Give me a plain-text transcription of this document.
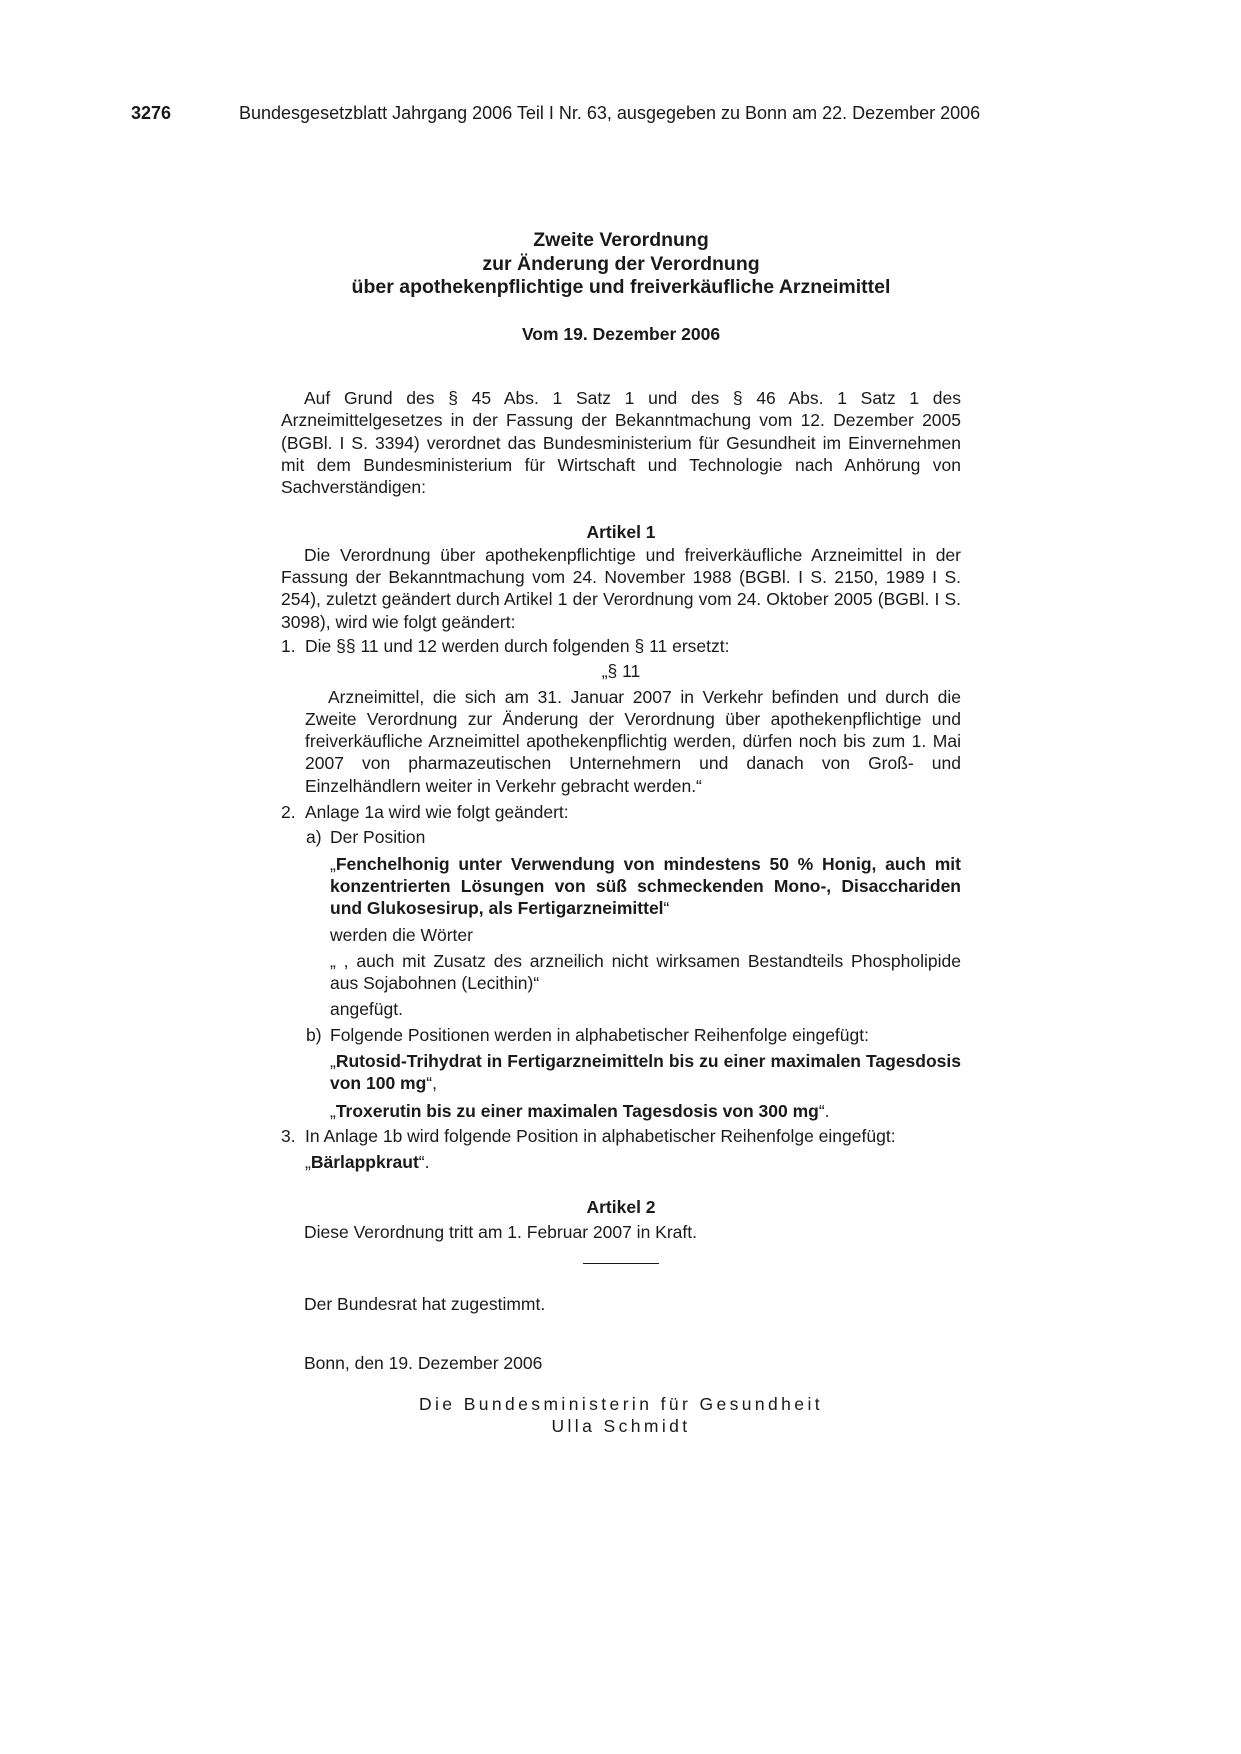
3276	Bundesgesetzblatt Jahrgang 2006 Teil I Nr. 63, ausgegeben zu Bonn am 22. Dezember 2006
Zweite Verordnung
zur Änderung der Verordnung
über apothekenpflichtige und freiverkäufliche Arzneimittel
Vom 19. Dezember 2006

Auf Grund des § 45 Abs. 1 Satz 1 und des § 46 Abs. 1 Satz 1 des Arzneimittelgesetzes in der Fassung der Bekanntmachung vom 12. Dezember 2005 (BGBl. I S. 3394) verordnet das Bundesministerium für Gesundheit im Einvernehmen mit dem Bundesministerium für Wirtschaft und Technologie nach Anhörung von Sachverständigen:

Artikel 1

Die Verordnung über apothekenpflichtige und freiverkäufliche Arzneimittel in der Fassung der Bekanntmachung vom 24. November 1988 (BGBl. I S. 2150, 1989 I S. 254), zuletzt geändert durch Artikel 1 der Verordnung vom 24. Oktober 2005 (BGBl. I S. 3098), wird wie folgt geändert:

1. Die §§ 11 und 12 werden durch folgenden § 11 ersetzt:

„§ 11

Arzneimittel, die sich am 31. Januar 2007 in Verkehr befinden und durch die Zweite Verordnung zur Änderung der Verordnung über apothekenpflichtige und freiverkäufliche Arzneimittel apothekenpflichtig werden, dürfen noch bis zum 1. Mai 2007 von pharmazeutischen Unternehmern und danach von Groß- und Einzelhändlern weiter in Verkehr gebracht werden.“

2. Anlage 1a wird wie folgt geändert:
a) Der Position

„Fenchelhonig unter Verwendung von mindestens 50 % Honig, auch mit konzentrierten Lösungen von süß schmeckenden Mono-, Disacchariden und Glukosesirup, als Fertigarzneimittel“

werden die Wörter

„ , auch mit Zusatz des arzneilich nicht wirksamen Bestandteils Phospholipide aus Sojabohnen (Lecithin)“

angefügt.

b) Folgende Positionen werden in alphabetischer Reihenfolge eingefügt:

„Rutosid-Trihydrat in Fertigarzneimitteln bis zu einer maximalen Tagesdosis von 100 mg“,

„Troxerutin bis zu einer maximalen Tagesdosis von 300 mg“.

3. In Anlage 1b wird folgende Position in alphabetischer Reihenfolge eingefügt:

„Bärlappkraut“.

Artikel 2

Diese Verordnung tritt am 1. Februar 2007 in Kraft.

Der Bundesrat hat zugestimmt.

Bonn, den 19. Dezember 2006

Die Bundesministerin für Gesundheit

Ulla Schmidt
